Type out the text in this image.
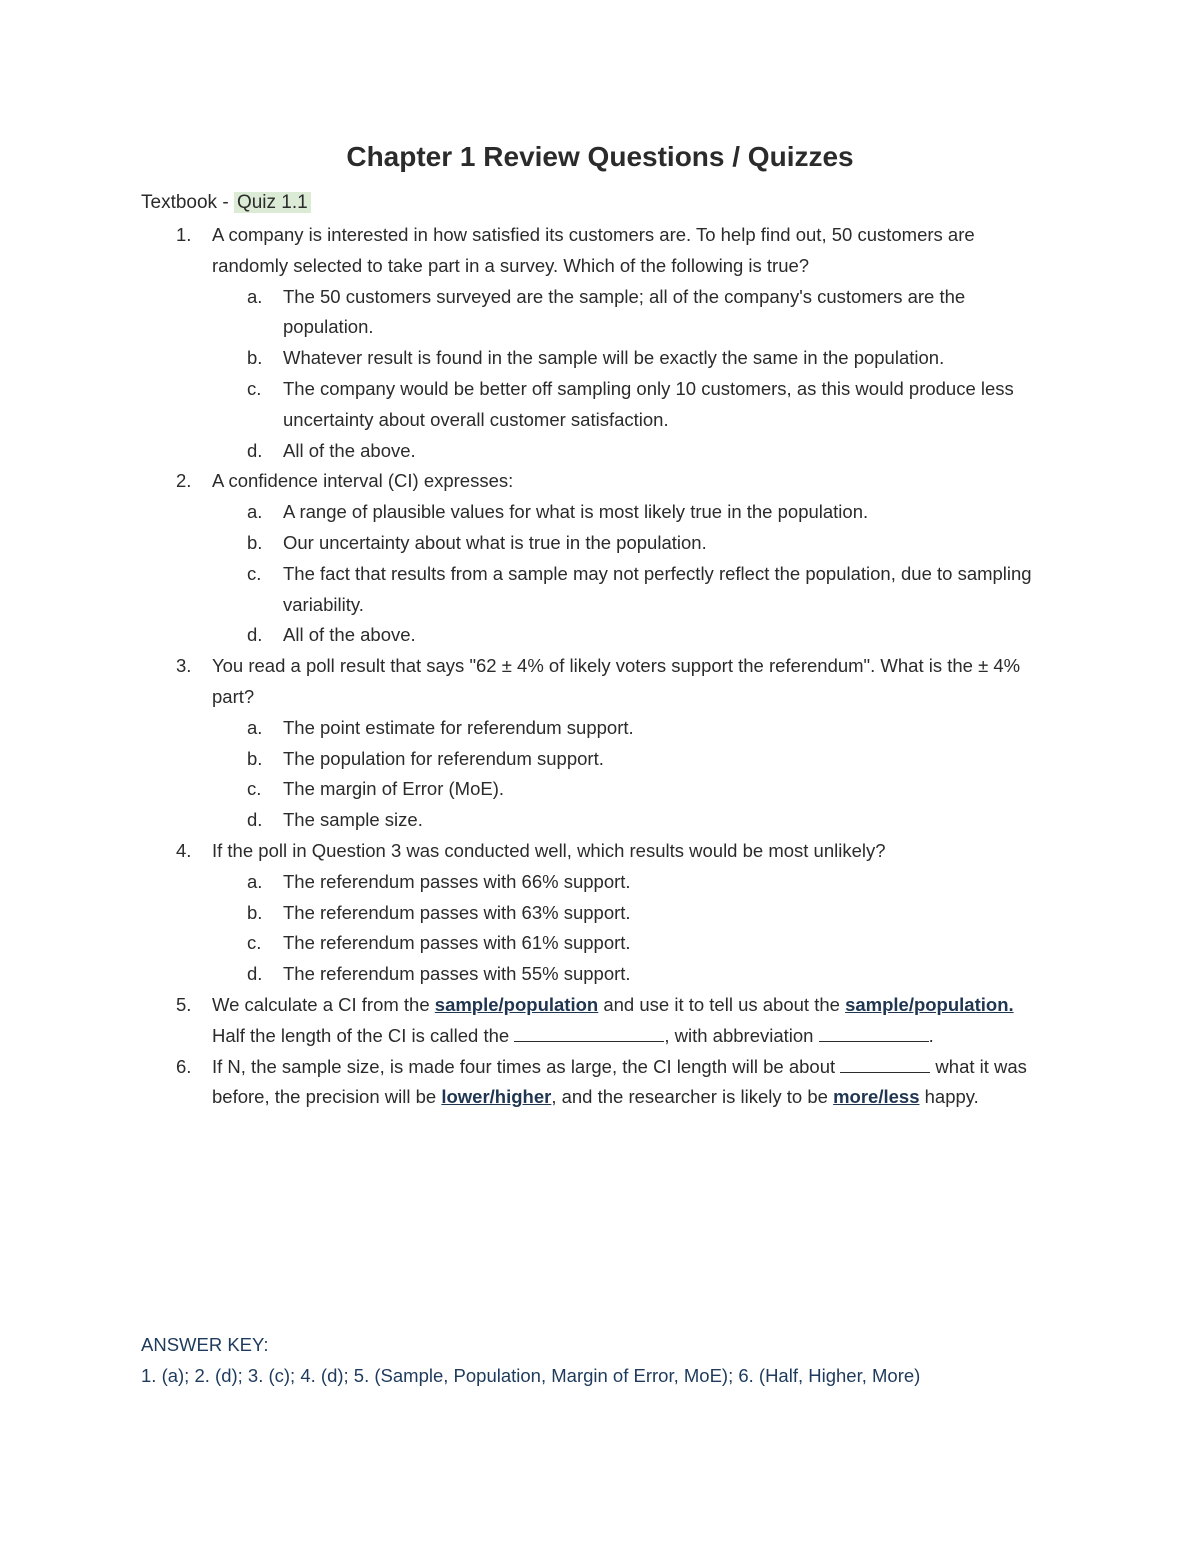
Chapter 1 Review Questions / Quizzes
Textbook - Quiz 1.1
1. A company is interested in how satisfied its customers are. To help find out, 50 customers are randomly selected to take part in a survey. Which of the following is true?
a. The 50 customers surveyed are the sample; all of the company's customers are the population.
b. Whatever result is found in the sample will be exactly the same in the population.
c. The company would be better off sampling only 10 customers, as this would produce less uncertainty about overall customer satisfaction.
d. All of the above.
2. A confidence interval (CI) expresses:
a. A range of plausible values for what is most likely true in the population.
b. Our uncertainty about what is true in the population.
c. The fact that results from a sample may not perfectly reflect the population, due to sampling variability.
d. All of the above.
3. You read a poll result that says "62 ± 4% of likely voters support the referendum". What is the ± 4% part?
a. The point estimate for referendum support.
b. The population for referendum support.
c. The margin of Error (MoE).
d. The sample size.
4. If the poll in Question 3 was conducted well, which results would be most unlikely?
a. The referendum passes with 66% support.
b. The referendum passes with 63% support.
c. The referendum passes with 61% support.
d. The referendum passes with 55% support.
5. We calculate a CI from the sample/population and use it to tell us about the sample/population. Half the length of the CI is called the	, with abbreviation	.
6. If N, the sample size, is made four times as large, the CI length will be about	what it was before, the precision will be lower/higher, and the researcher is likely to be more/less happy.
ANSWER KEY:
1. (a); 2. (d); 3. (c); 4. (d); 5. (Sample, Population, Margin of Error, MoE); 6. (Half, Higher, More)
